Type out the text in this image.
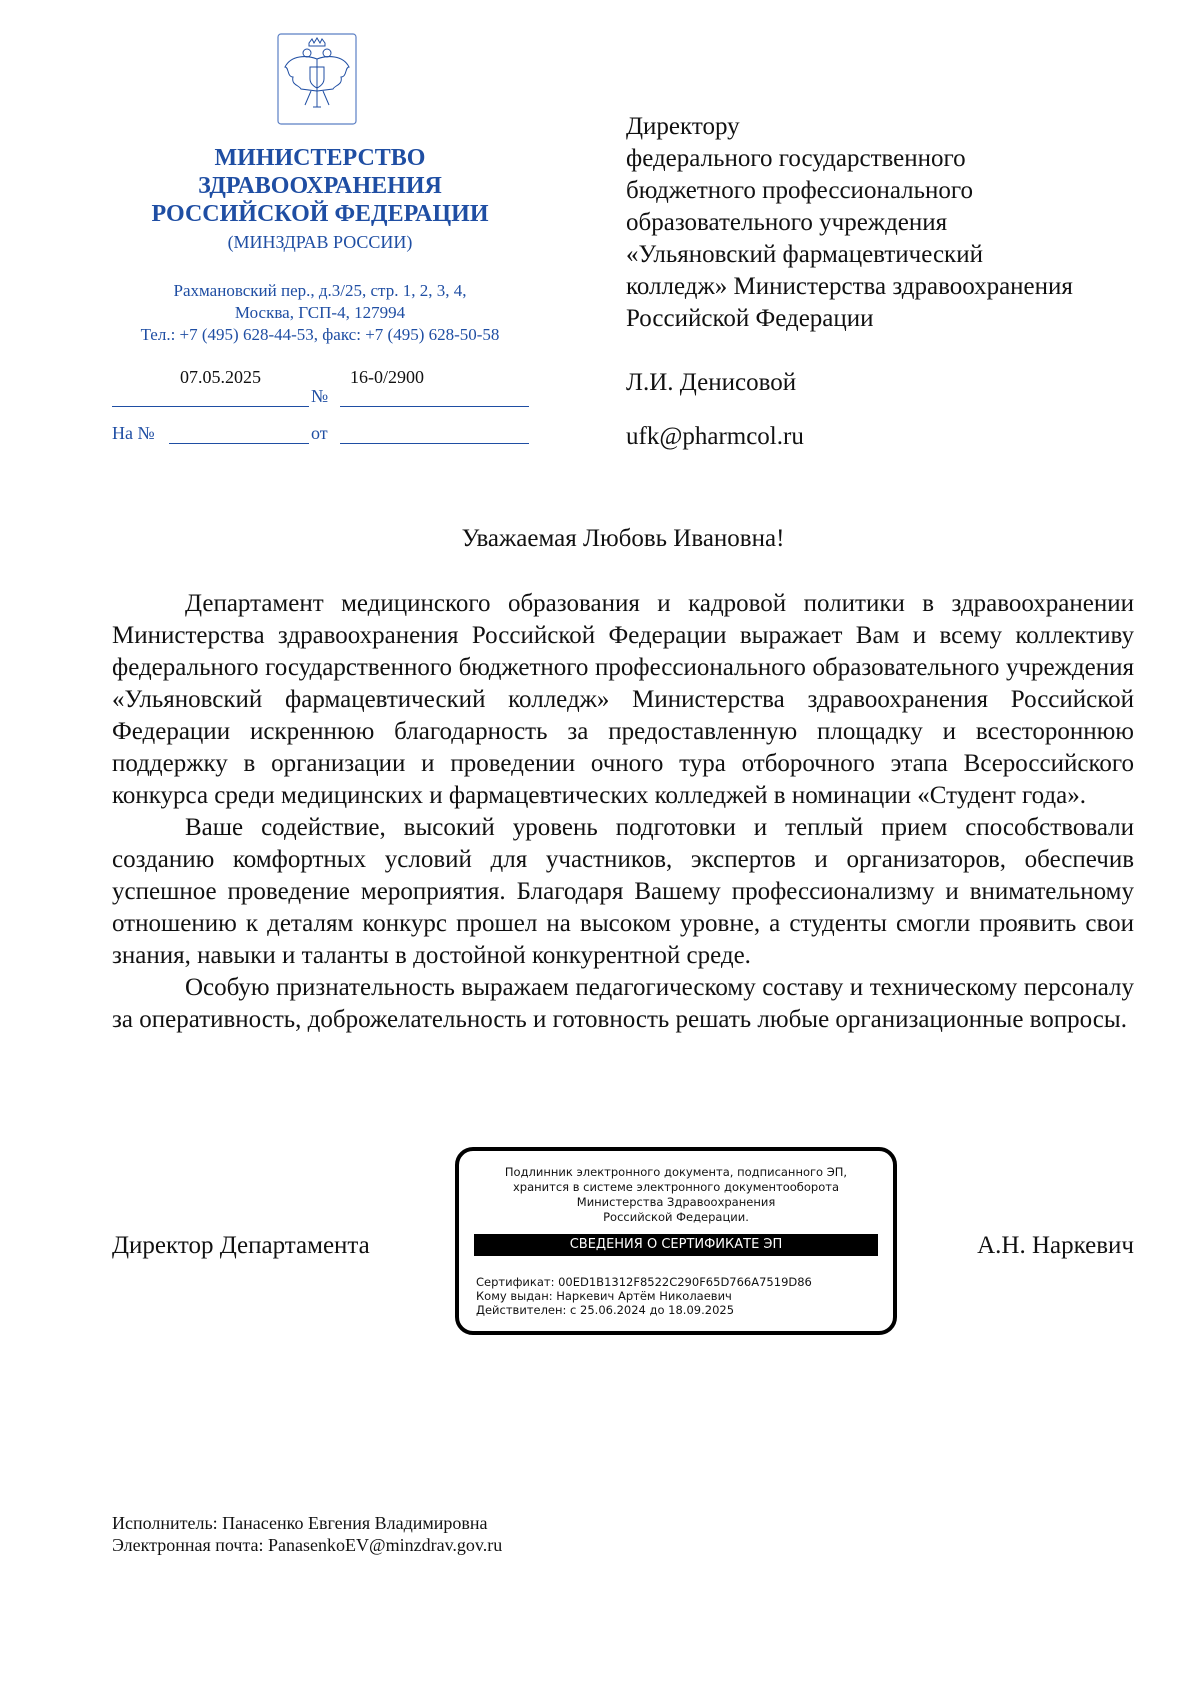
МИНИСТЕРСТВО
ЗДРАВООХРАНЕНИЯ
РОССИЙСКОЙ ФЕДЕРАЦИИ
(МИНЗДРАВ РОССИИ)
Рахмановский пер., д.3/25, стр. 1, 2, 3, 4,
Москва, ГСП-4, 127994
Тел.: +7 (495) 628-44-53, факс: +7 (495) 628-50-58
07.05.2025
№
16-0/2900
На №	от
Директору
федерального государственного
бюджетного профессионального
образовательного учреждения
«Ульяновский фармацевтический
колледж» Министерства здравоохранения
Российской Федерации
Л.И. Денисовой
ufk@pharmcol.ru
Уважаемая Любовь Ивановна!

Департамент медицинского образования и кадровой политики в здравоохранении Министерства здравоохранения Российской Федерации выражает Вам и всему коллективу федерального государственного бюджетного профессионального образовательного учреждения «Ульяновский фармацевтический колледж» Министерства здравоохранения Российской Федерации искреннюю благодарность за предоставленную площадку и всестороннюю поддержку в организации и проведении очного тура отборочного этапа Всероссийского конкурса среди медицинских и фармацевтических колледжей в номинации «Студент года».

Ваше содействие, высокий уровень подготовки и теплый прием способствовали созданию комфортных условий для участников, экспертов и организаторов, обеспечив успешное проведение мероприятия. Благодаря Вашему профессионализму и внимательному отношению к деталям конкурс прошел на высоком уровне, а студенты смогли проявить свои знания, навыки и таланты в достойной конкурентной среде.

Особую признательность выражаем педагогическому составу и техническому персоналу за оперативность, доброжелательность и готовность решать любые организационные вопросы.

Директор Департамента	А.Н. Наркевич
Подлинник электронного документа, подписанного ЭП,
хранится в системе электронного документооборота
Министерства Здравоохранения
Российской Федерации.
СВЕДЕНИЯ О СЕРТИФИКАТЕ ЭП
Сертификат: 00ED1B1312F8522C290F65D766A7519D86
Кому выдан: Наркевич Артём Николаевич
Действителен: с 25.06.2024 до 18.09.2025
Исполнитель: Панасенко Евгения Владимировна
Электронная почта: PanasenkoEV@minzdrav.gov.ru
